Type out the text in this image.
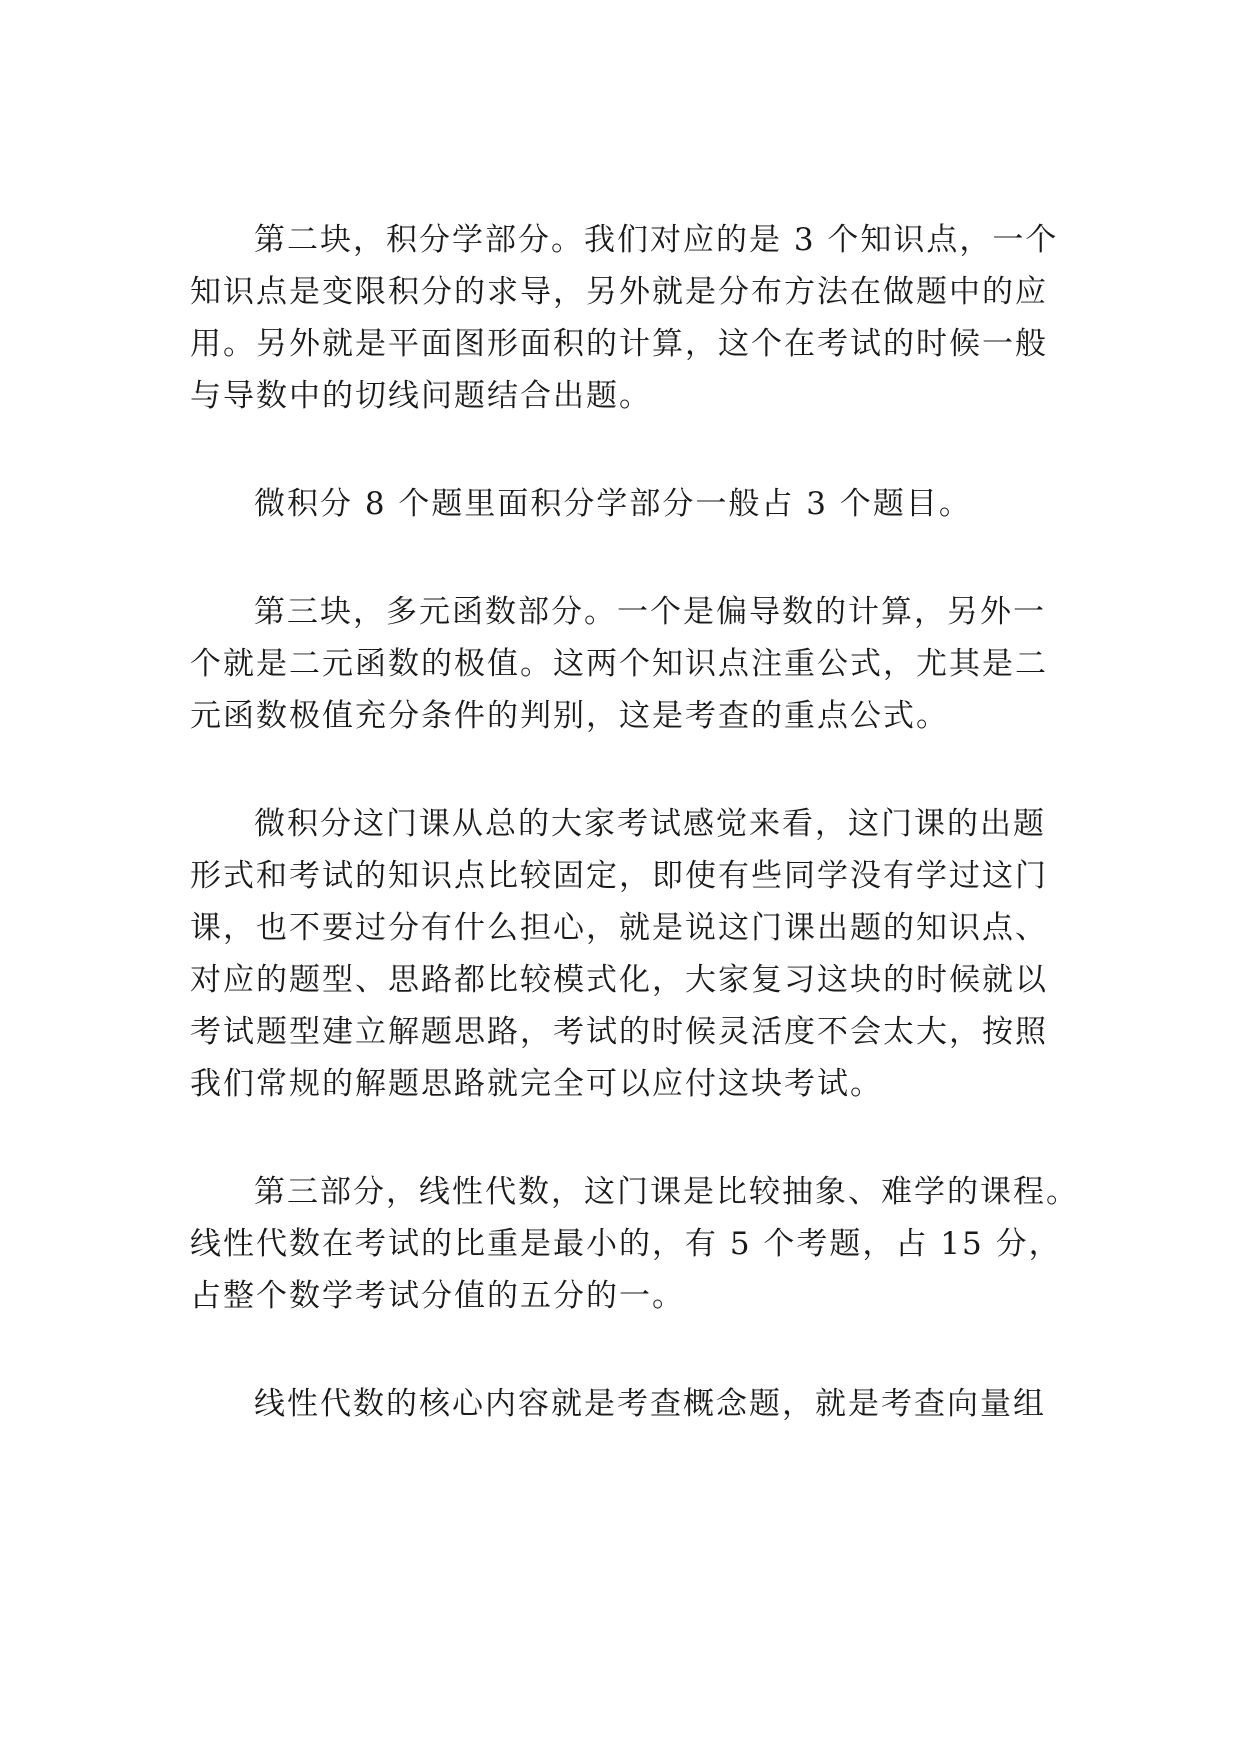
第二块，积分学部分。我们对应的是 3 个知识点，一个
知识点是变限积分的求导，另外就是分布方法在做题中的应
用。另外就是平面图形面积的计算，这个在考试的时候一般
与导数中的切线问题结合出题。
微积分 8 个题里面积分学部分一般占 3 个题目。
第三块，多元函数部分。一个是偏导数的计算，另外一
个就是二元函数的极值。这两个知识点注重公式，尤其是二
元函数极值充分条件的判别，这是考查的重点公式。
微积分这门课从总的大家考试感觉来看，这门课的出题
形式和考试的知识点比较固定，即使有些同学没有学过这门
课，也不要过分有什么担心，就是说这门课出题的知识点、
对应的题型、思路都比较模式化，大家复习这块的时候就以
考试题型建立解题思路，考试的时候灵活度不会太大，按照
我们常规的解题思路就完全可以应付这块考试。
第三部分，线性代数，这门课是比较抽象、难学的课程。
线性代数在考试的比重是最小的，有 5 个考题，占 15 分，
占整个数学考试分值的五分的一。
线性代数的核心内容就是考查概念题，就是考查向量组
